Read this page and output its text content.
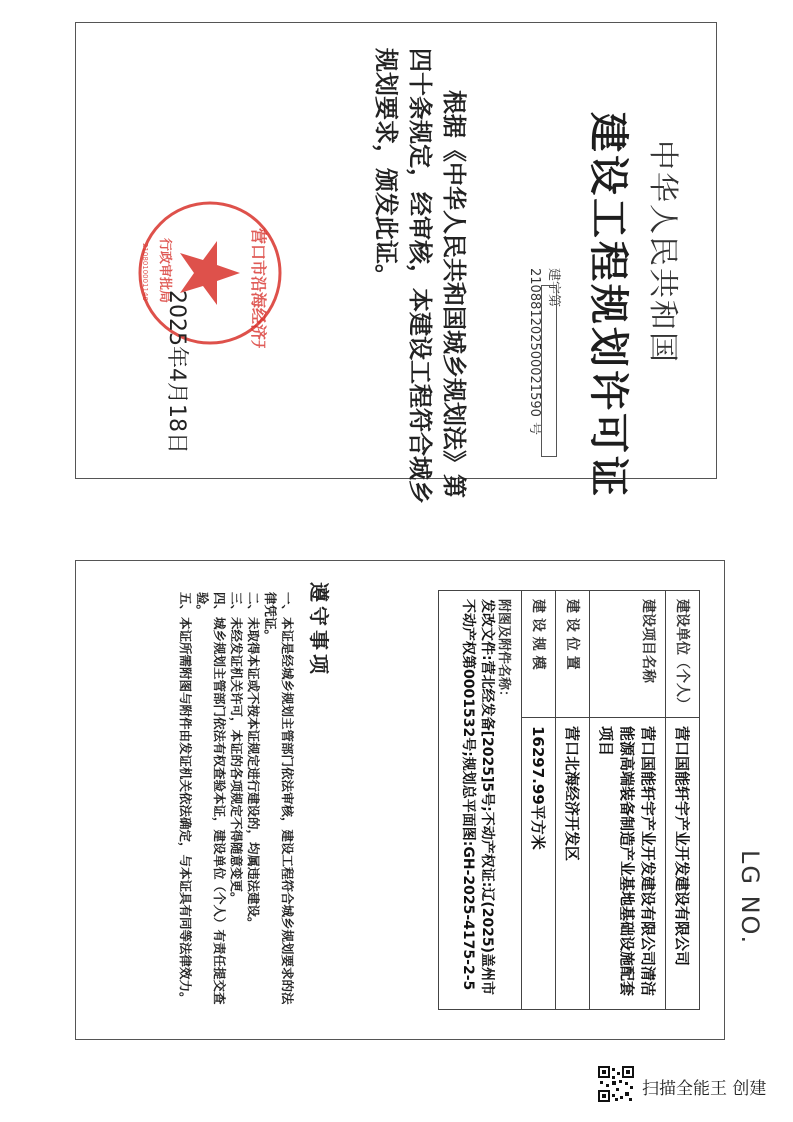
中华人民共和国
建设工程规划许可证
建字第 210881202500021590 号
根据《中华人民共和国城乡规划法》第
四十条规定，经审核，本建设工程符合城乡
规划要求，颁发此证。
营口市沿海经济开发区
行政审批局
2108010001140
2025年4月18日
LG NO.
建设单位（个人）	营口国能轩宇产业开发建设有限公司
建设项目名称	营口国能轩宇产业开发建设有限公司清洁能源高端装备制造产业基地基础设施配套项目
建 设 位 置	营口北海经济开发区
建 设 规 模	16297.99平方米

附图及附件名称：
发改文件:营北经发备[2025]5号;不动产权证:辽(2025)盖州市不动产权第0001532号;规划总平面图:GH-2025-4175-2-5	
遵守事项
一、本证是经城乡规划主管部门依法审核，建设工程符合城乡规划要求的法律凭证。
二、未取得本证或不按本证规定进行建设的，均属违法建设。
三、未经发证机关许可，本证的各项规定不得随意变更。
四、城乡规划主管部门依法有权查验本证，建设单位（个人）有责任提交查验。
五、本证所需附图与附件由发证机关依法确定，与本证具有同等法律效力。
扫描全能王 创建
